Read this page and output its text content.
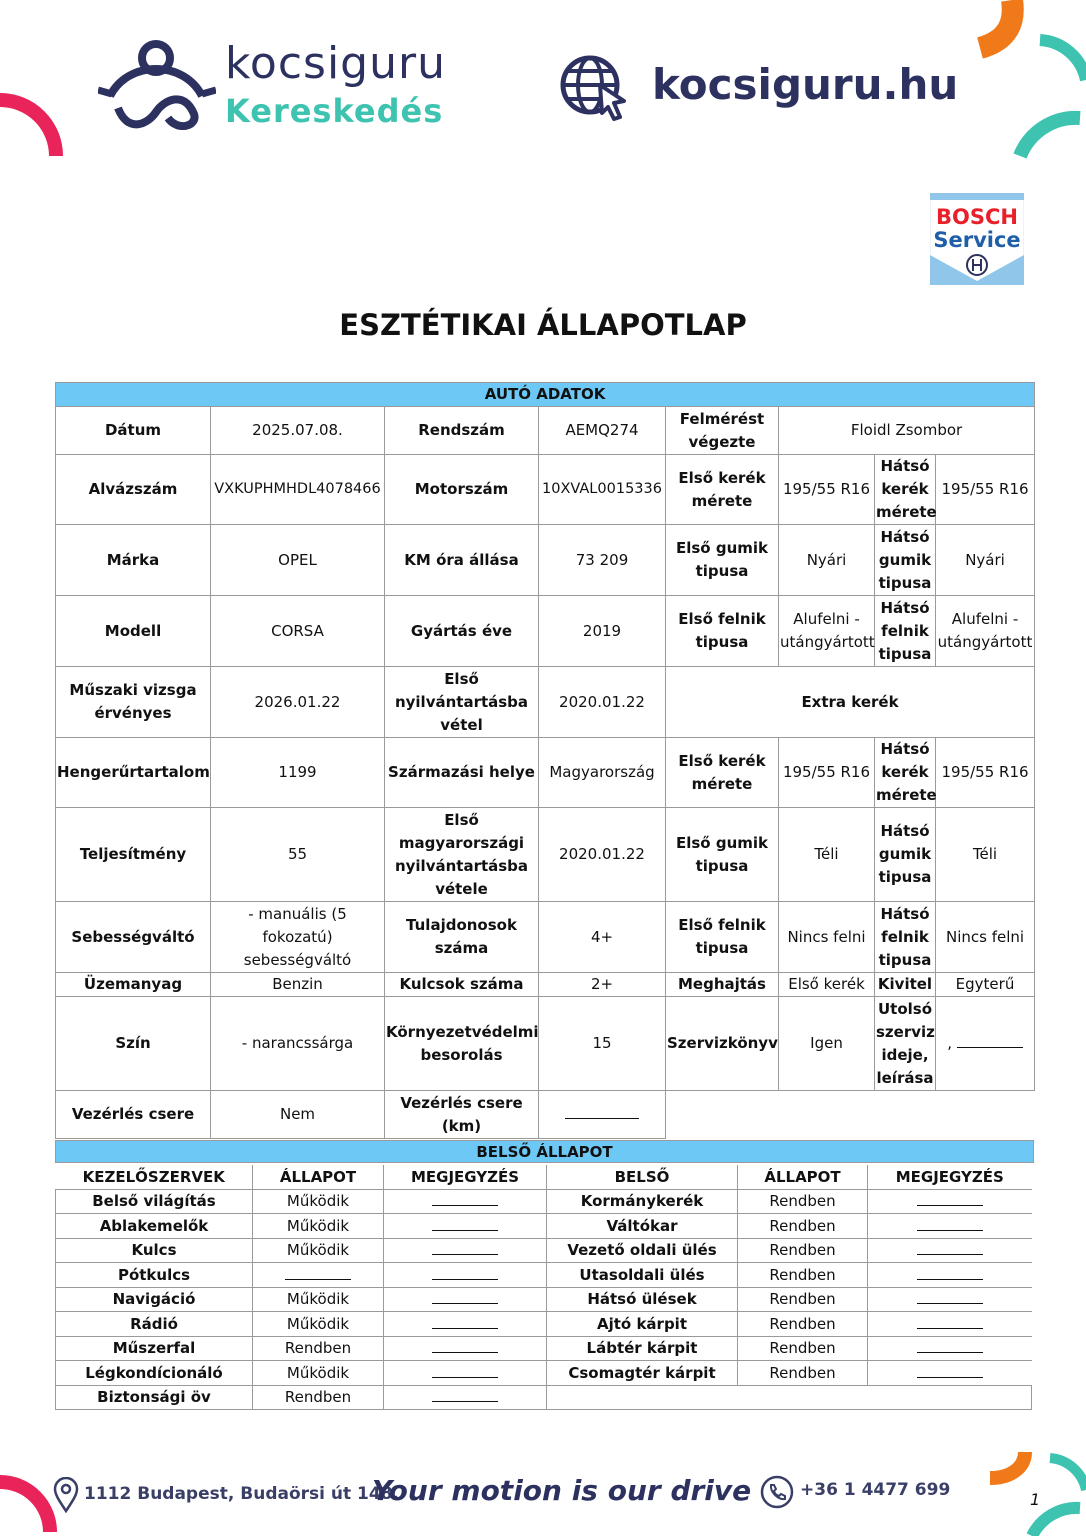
kocsiguru
Kereskedés
kocsiguru.hu
BOSCH
Service
ESZTÉTIKAI ÁLLAPOTLAP
AUTÓ ADATOK							
Dátum	2025.07.08.	Rendszám	AEMQ274	Felmérést végezte	Floidl Zsombor		
Alvázszám	VXKUPHMHDL4078466	Motorszám	10XVAL0015336	Első kerék mérete	195/55 R16	Hátsó kerék mérete	195/55 R16
Márka	OPEL	KM óra állása	73 209	Első gumik tipusa	Nyári	Hátsó gumik tipusa	Nyári
Modell	CORSA	Gyártás éve	2019	Első felnik tipusa	Alufelni - utángyártott	Hátsó felnik tipusa	Alufelni - utángyártott
Műszaki vizsga érvényes	2026.01.22	Első nyilvántartásba vétel	2020.01.22	Extra kerék			
Hengerűrtartalom	1199	Származási helye	Magyarország	Első kerék mérete	195/55 R16	Hátsó kerék mérete	195/55 R16
Teljesítmény	55	Első magyarországi nyilvántartásba vétele	2020.01.22	Első gumik tipusa	Téli	Hátsó gumik tipusa	Téli
Sebességváltó	- manuális (5 fokozatú) sebességváltó	Tulajdonosok száma	4+	Első felnik tipusa	Nincs felni	Hátsó felnik tipusa	Nincs felni
Üzemanyag	Benzin	Kulcsok száma	2+	Meghajtás	Első kerék	Kivitel	Egyterű
Szín	- narancssárga	Környezetvédelmi besorolás	15	Szervizkönyv	Igen	Utolsó szerviz ideje, leírása	,
Vezérlés csere	Nem	Vezérlés csere (km)					
BELSŐ ÁLLAPOT
KEZELŐSZERVEK	ÁLLAPOT	MEGJEGYZÉS	BELSŐ	ÁLLAPOT	MEGJEGYZÉS
Belső világítás	Működik		Kormánykerék	Rendben	
Ablakemelők	Működik		Váltókar	Rendben	
Kulcs	Működik		Vezető oldali ülés	Rendben	
Pótkulcs			Utasoldali ülés	Rendben	
Navigáció	Működik		Hátsó ülések	Rendben	
Rádió	Működik		Ajtó kárpit	Rendben	
Műszerfal	Rendben		Lábtér kárpit	Rendben	
Légkondícionáló	Működik		Csomagtér kárpit	Rendben	
Biztonsági öv	Rendben				
1112 Budapest, Budaörsi út 148.
Your motion is our drive	+36 1 4477 699	1
